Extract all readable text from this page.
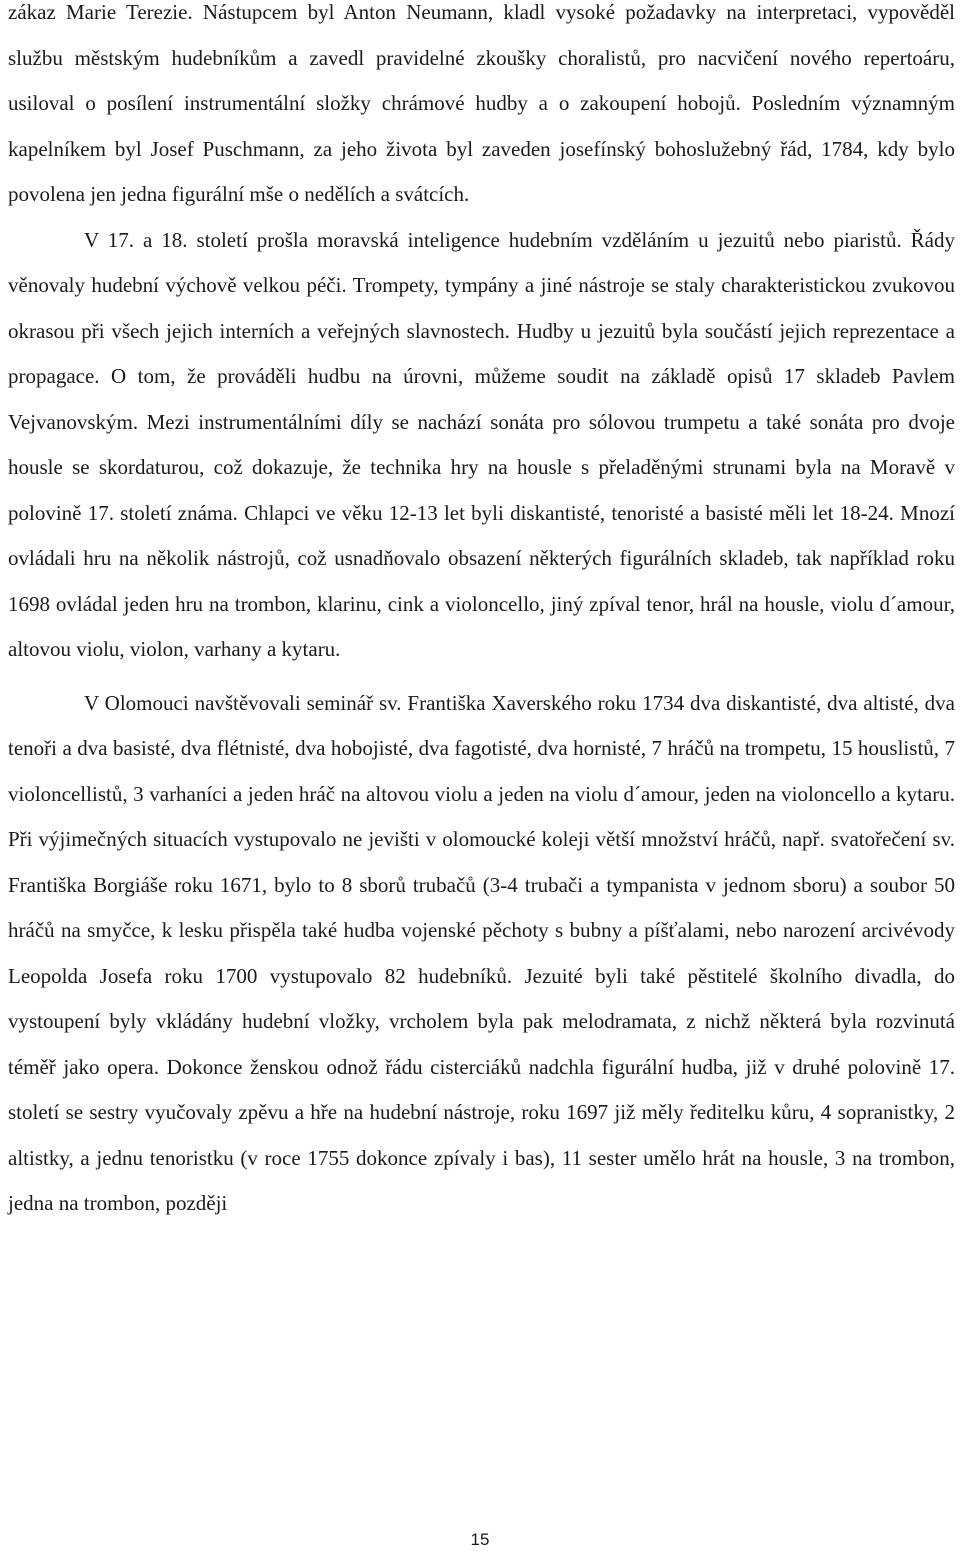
zákaz Marie Terezie. Nástupcem byl Anton Neumann, kladl vysoké požadavky na interpretaci, vypověděl službu městským hudebníkům a zavedl pravidelné zkoušky choralistů, pro nacvičení nového repertoáru, usiloval o posílení instrumentální složky chrámové hudby a o zakoupení hobojů. Posledním významným kapelníkem byl Josef Puschmann, za jeho života byl zaveden josefínský bohoslužebný řád, 1784, kdy bylo povolena jen jedna figurální mše o nedělích a svátcích.

V 17. a 18. století prošla moravská inteligence hudebním vzděláním u jezuitů nebo piaristů. Řády věnovaly hudební výchově velkou péči. Trompety, tympány a jiné nástroje se staly charakteristickou zvukovou okrasou při všech jejich interních a veřejných slavnostech. Hudby u jezuitů byla součástí jejich reprezentace a propagace. O tom, že prováděli hudbu na úrovni, můžeme soudit na základě opisů 17 skladeb Pavlem Vejvanovským. Mezi instrumentálními díly se nachází sonáta pro sólovou trumpetu a také sonáta pro dvoje housle se skordaturou, což dokazuje, že technika hry na housle s přeladěnými strunami byla na Moravě v polovině 17. století známa. Chlapci ve věku 12-13 let byli diskantisté, tenoristé a basisté měli let 18-24. Mnozí ovládali hru na několik nástrojů, což usnadňovalo obsazení některých figurálních skladeb, tak například roku 1698 ovládal jeden hru na trombon, klarinu, cink a violoncello, jiný zpíval tenor, hrál na housle, violu d´amour, altovou violu, violon, varhany a kytaru.

V Olomouci navštěvovali seminář sv. Františka Xaverského roku 1734 dva diskantisté, dva altisté, dva tenoři a dva basisté, dva flétnisté, dva hobojisté, dva fagotisté, dva hornisté, 7 hráčů na trompetu, 15 houslistů, 7 violoncellistů, 3 varhaníci a jeden hráč na altovou violu a jeden na violu d´amour, jeden na violoncello a kytaru. Při výjimečných situacích vystupovalo ne jevišti v olomoucké koleji větší množství hráčů, např. svatořečení sv. Františka Borgiáše roku 1671, bylo to 8 sborů trubačů (3-4 trubači a tympanista v jednom sboru) a soubor 50 hráčů na smyčce, k lesku přispěla také hudba vojenské pěchoty s bubny a píšťalami, nebo narození arcivévody Leopolda Josefa roku 1700 vystupovalo 82 hudebníků. Jezuité byli také pěstitelé školního divadla, do vystoupení byly vkládány hudební vložky, vrcholem byla pak melodramata, z nichž některá byla rozvinutá téměř jako opera. Dokonce ženskou odnož řádu cisterciáků nadchla figurální hudba, již v druhé polovině 17. století se sestry vyučovaly zpěvu a hře na hudební nástroje, roku 1697 již měly ředitelku kůru, 4 sopranistky, 2 altistky, a jednu tenoristku (v roce 1755 dokonce zpívaly i bas), 11 sester umělo hrát na housle, 3 na trombon, jedna na trombon, později

15
